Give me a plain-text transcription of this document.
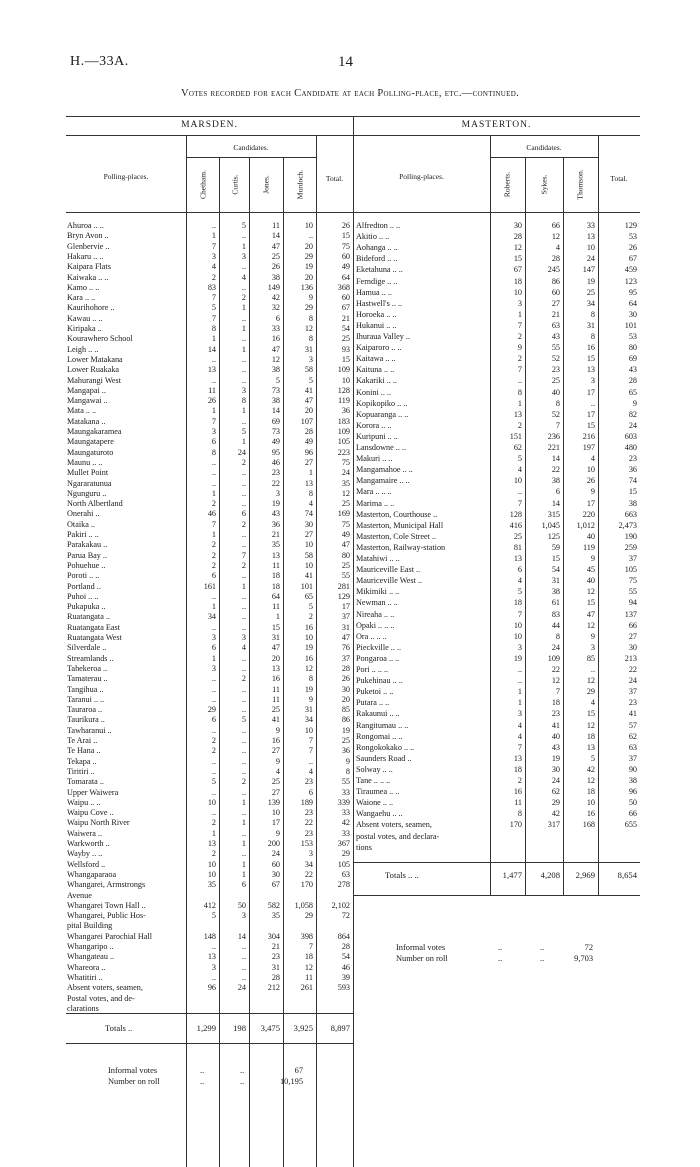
H.—33A.	14
Votes recorded for each Candidate at each Polling-place, etc.—continued.
MARSDEN.
Candidates.
Polling-places.	Chetham.	Curtis.	Jones.	Murdoch.	Total.
MASTERTON.
Candidates.
Polling-places.	Roberts.	Sykes.	Thomson.	Total.
Ahuroa .. ..	..	5	11	10	26
Bryn Avon ..	1	..	14	..	15
Glenbervie ..	7	1	47	20	75
Hakaru .. ..	3	3	25	29	60
Kaipara Flats	4	..	26	19	49
Kaiwaka .. ..	2	4	38	20	64
Kamo .. ..	83	..	149	136	368
Kara .. ..	7	2	42	9	60
Kaurihohore ..	5	1	32	29	67
Kawau .. ..	7	..	6	8	21
Kiripaka ..	8	1	33	12	54
Kourawhero School	1	..	16	8	25
Leigh .. ..	14	1	47	31	93
Lower Matakana	..	..	12	3	15
Lower Ruakaka	13	..	38	58	109
Mahurangi West	..	..	5	5	10
Mangapai ..	11	3	73	41	128
Mangawai ..	26	8	38	47	119
Mata .. ..	1	1	14	20	36
Matakana ..	7	..	69	107	183
Maungakaramea	3	5	73	28	109
Maungatapere	6	1	49	49	105
Maungaturoto	8	24	95	96	223
Maunu .. ..	..	2	46	27	75
Mullet Point	..	..	23	1	24
Ngararatunua	..	..	22	13	35
Ngunguru ..	1	..	3	8	12
North Albertland	2	..	19	4	25
Onerahi ..	46	6	43	74	169
Otaika ..	7	2	36	30	75
Pakiri .. ..	1	..	21	27	49
Parakakau ..	2	..	35	10	47
Parua Bay ..	2	7	13	58	80
Pohuehue ..	2	2	11	10	25
Poroti .. ..	6	..	18	41	55
Portland ..	161	1	18	101	281
Puhoi .. ..	..	..	64	65	129
Pukapuka ..	1	..	11	5	17
Ruatangata ..	34	..	1	2	37
Ruatangata East	..	..	15	16	31
Ruatangata West	3	3	31	10	47
Silverdale ..	6	4	47	19	76
Streamlands ..	1	..	20	16	37
Tahekeroa ..	3	..	13	12	28
Tamaterau ..	..	2	16	8	26
Tangihua ..	..	..	11	19	30
Taranui .. ..	..	..	11	9	20
Tauraroa ..	29	..	25	31	85
Taurikura ..	6	5	41	34	86
Tawharanui ..	..	..	9	10	19
Te Arai ..	2	..	16	7	25
Te Hana ..	2	..	27	7	36
Tekapa ..	..	..	9	..	9
Tiritiri ..	..	..	4	4	8
Tomarata ..	5	2	25	23	55
Upper Waiwera	..	..	27	6	33
Waipu .. ..	10	1	139	189	339
Waipu Cove ..	..	..	10	23	33
Waipu North River	2	1	17	22	42
Waiwera ..	1	..	9	23	33
Warkworth ..	13	1	200	153	367
Wayby .. ..	2	..	24	3	29
Wellsford ..	10	1	60	34	105
Whangaparaoa	10	1	30	22	63
Whangarei, Armstrongs	35	6	67	170	278
Avenue
Whangarei Town Hall ..	412	50	582	1,058	2,102
Whangarei, Public Hos-	5	3	35	29	72
pital Building
Whangarei Parochial Hall	148	14	304	398	864
Whangaripo ..	..	..	21	7	28
Whangateau ..	13	..	23	18	54
Whareora ..	3	..	31	12	46
Whatitiri ..	..	..	28	11	39
Absent voters, seamen,	96	24	212	261	593
Postal votes, and de-
clarations
Alfredton .. ..	30	66	33	129
Akitio .. ..	28	12	13	53
Aohanga .. ..	12	4	10	26
Bideford .. ..	15	28	24	67
Eketahuna .. ..	67	245	147	459
Ferndige .. ..	18	86	19	123
Hamua .. ..	10	60	25	95
Hastwell's .. ..	3	27	34	64
Horoeka .. ..	1	21	8	30
Hukanui .. ..	7	63	31	101
Ihuraua Valley ..	2	43	8	53
Kaiparoro .. ..	9	55	16	80
Kaitawa .. ..	2	52	15	69
Kaituna .. ..	7	23	13	43
Kakariki .. ..	..	25	3	28
Konini .. ..	8	40	17	65
Kopikopiko .. ..	1	8	..	9
Kopuaranga .. ..	13	52	17	82
Korora .. ..	2	7	15	24
Kuripuni .. ..	151	236	216	603
Lansdowne .. ..	62	221	197	480
Makuri .. ..	5	14	4	23
Mangamahoe .. ..	4	22	10	36
Mangamaire .. ..	10	38	26	74
Mara .. .. ..	..	6	9	15
Marima .. ..	7	14	17	38
Masterton, Courthouse ..	128	315	220	663
Masterton, Municipal Hall	416	1,045	1,012	2,473
Masterton, Cole Street ..	25	125	40	190
Masterton, Railway-station	81	59	119	259
Matahiwi .. ..	13	15	9	37
Mauriceville East ..	6	54	45	105
Mauriceville West ..	4	31	40	75
Mikimiki .. ..	5	38	12	55
Newman .. ..	18	61	15	94
Nireaha .. ..	7	83	47	137
Opaki .. .. ..	10	44	12	66
Ora .. .. ..	10	8	9	27
Pieckville .. ..	3	24	3	30
Pongaroa .. ..	19	109	85	213
Pori .. .. ..	..	22	..	22
Pukehinau .. ..	..	12	12	24
Puketoi .. ..	1	7	29	37
Putara .. ..	1	18	4	23
Rakaunui .. ..	3	23	15	41
Rangitumau .. ..	4	41	12	57
Rongomai .. ..	4	40	18	62
Rongokokako .. ..	7	43	13	63
Saunders Road ..	13	19	5	37
Solway .. ..	18	30	42	90
Tane .. .. ..	2	24	12	38
Tiraumea .. ..	16	62	18	96
Waione .. ..	11	29	10	50
Wangaehu .. ..	8	42	16	66
Absent voters, seamen,	170	317	168	655
postal votes, and declara-
tions
Totals ..	1,299	198	3,475	3,925	8,897
Totals .. ..	1,477	4,208	2,969	8,654
Informal votes	..	..	67
Number on roll	..	..	10,195
Informal votes	..	..	72
Number on roll	..	..	9,703
